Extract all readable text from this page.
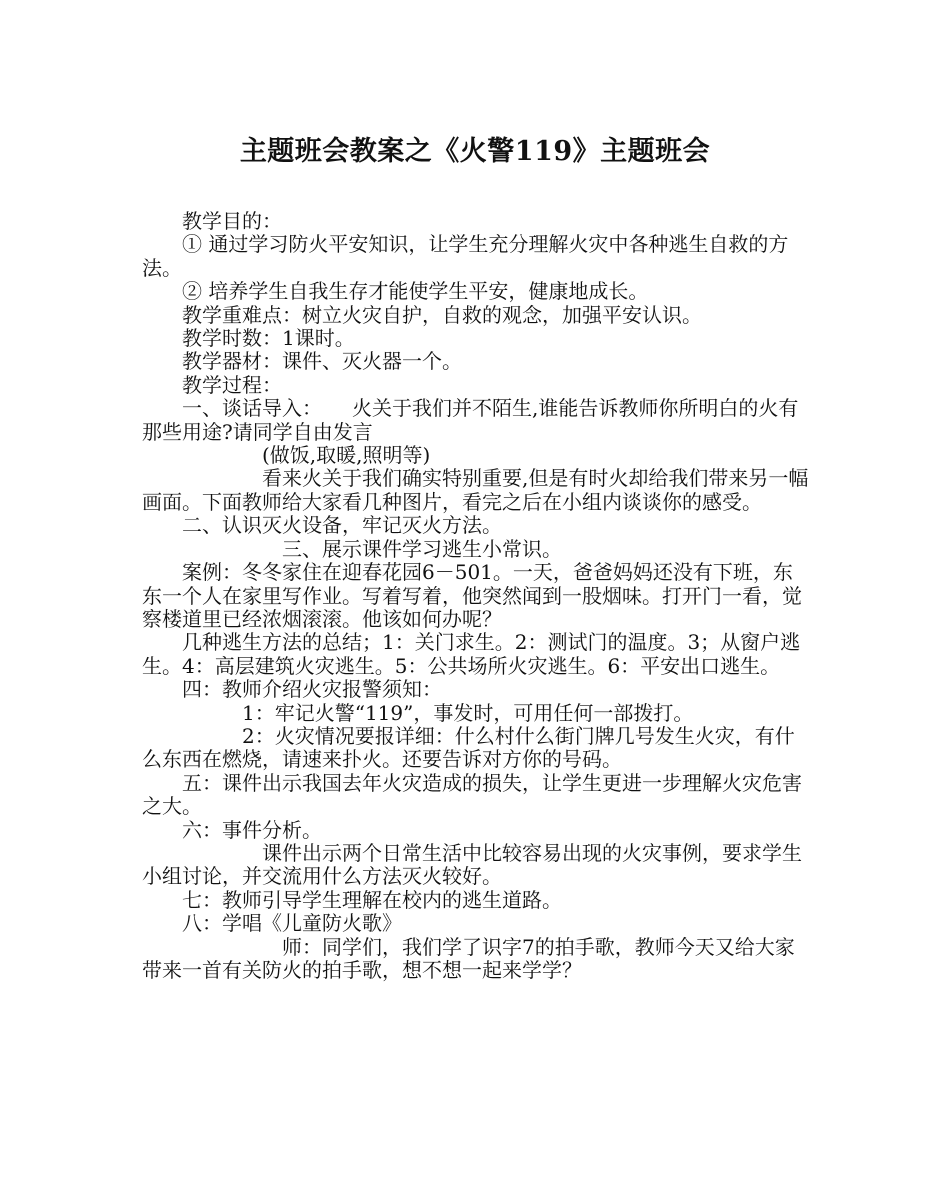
主题班会教案之《火警119》主题班会

　　教学目的：

　　① 通过学习防火平安知识，让学生充分理解火灾中各种逃生自救的方法。

　　② 培养学生自我生存才能使学生平安，健康地成长。

　　教学重难点：树立火灾自护，自救的观念，加强平安认识。

　　教学时数：1课时。

　　教学器材：课件、灭火器一个。

　　教学过程：

　　一、谈话导入：　　火关于我们并不陌生,谁能告诉教师你所明白的火有那些用途?请同学自由发言

　　　　　　(做饭,取暖,照明等)

　　　　　　看来火关于我们确实特别重要,但是有时火却给我们带来另一幅画面。下面教师给大家看几种图片，看完之后在小组内谈谈你的感受。

　　二、认识灭火设备，牢记灭火方法。

　　　　　　　三、展示课件学习逃生小常识。

　　案例：冬冬家住在迎春花园6－501。一天，爸爸妈妈还没有下班，东东一个人在家里写作业。写着写着，他突然闻到一股烟味。打开门一看，觉察楼道里已经浓烟滚滚。他该如何办呢？

　　几种逃生方法的总结；1：关门求生。2：测试门的温度。3；从窗户逃生。4：高层建筑火灾逃生。5：公共场所火灾逃生。6：平安出口逃生。

　　四：教师介绍火灾报警须知：

　　　　　1：牢记火警“119”，事发时，可用任何一部拨打。

　　　　　2：火灾情况要报详细：什么村什么街门牌几号发生火灾，有什么东西在燃烧，请速来扑火。还要告诉对方你的号码。

　　五：课件出示我国去年火灾造成的损失，让学生更进一步理解火灾危害之大。

　　六：事件分析。

　　　　　　课件出示两个日常生活中比较容易出现的火灾事例，要求学生小组讨论，并交流用什么方法灭火较好。

　　七：教师引导学生理解在校内的逃生道路。

　　八：学唱《儿童防火歌》

　　　　　　　师：同学们，我们学了识字7的拍手歌，教师今天又给大家带来一首有关防火的拍手歌，想不想一起来学学？
